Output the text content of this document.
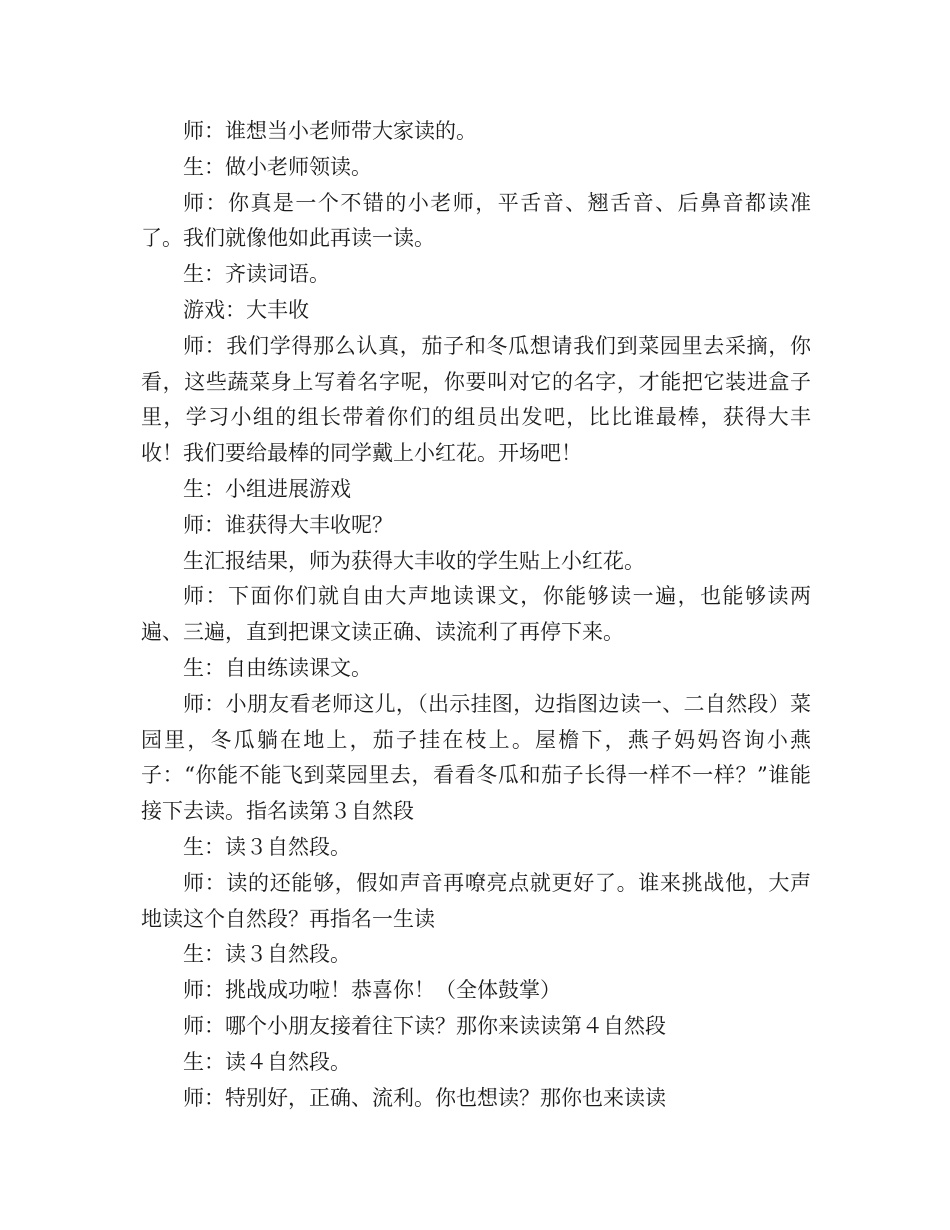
师：谁想当小老师带大家读的。

生：做小老师领读。

师：你真是一个不错的小老师，平舌音、翘舌音、后鼻音都读准了。我们就像他如此再读一读。

生：齐读词语。

游戏：大丰收

师：我们学得那么认真，茄子和冬瓜想请我们到菜园里去采摘，你看，这些蔬菜身上写着名字呢，你要叫对它的名字，才能把它装进盒子里，学习小组的组长带着你们的组员出发吧，比比谁最棒，获得大丰收！我们要给最棒的同学戴上小红花。开场吧！

生：小组进展游戏

师：谁获得大丰收呢？

生汇报结果，师为获得大丰收的学生贴上小红花。

师：下面你们就自由大声地读课文，你能够读一遍，也能够读两遍、三遍，直到把课文读正确、读流利了再停下来。

生：自由练读课文。

师：小朋友看老师这儿，（出示挂图，边指图边读一、二自然段）菜园里，冬瓜躺在地上，茄子挂在枝上。屋檐下，燕子妈妈咨询小燕子：“你能不能飞到菜园里去，看看冬瓜和茄子长得一样不一样？”谁能接下去读。指名读第３自然段

生：读３自然段。

师：读的还能够，假如声音再嘹亮点就更好了。谁来挑战他，大声地读这个自然段？再指名一生读

生：读３自然段。

师：挑战成功啦！恭喜你！（全体鼓掌）

师：哪个小朋友接着往下读？那你来读读第４自然段

生：读４自然段。

师：特别好，正确、流利。你也想读？那你也来读读
